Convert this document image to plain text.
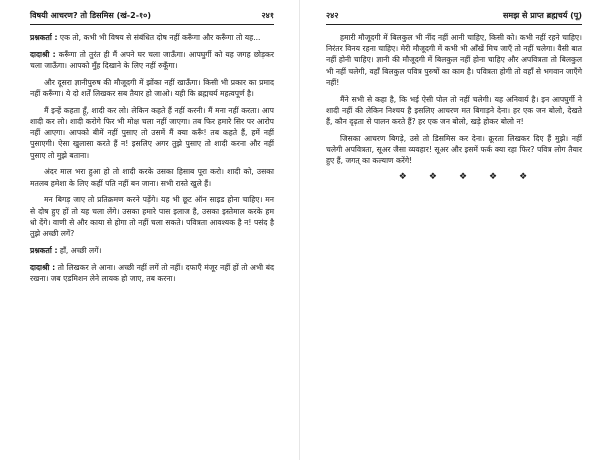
विषयी आचरण? तो डिसमिस (खं-2-१०)	२४१

प्रश्नकर्ता : एक तो, कभी भी विषय से संबंधित दोष नहीं करूँगा और करूँगा तो यह...

दादाश्री : करूँगा तो तुरंत ही मैं अपने घर चला जाऊँगा। आपघुर्गी को यह जगह छोड़कर चला जाऊँगा। आपको मुँह दिखाने के लिए नहीं रुकूँगा।

और दूसरा ज्ञानीपुरुष की मौजूदगी में झोंका नहीं खाऊँगा। किसी भी प्रकार का प्रमाद नहीं करूँगा। ये दो शर्तें लिखकर सब तैयार हो जाओ। यही कि ब्रह्मचर्य महत्वपूर्ण है।

मैं इन्हें कहता हूँ, शादी कर लो। लेकिन कहते हैं नहीं करनी। मैं मना नहीं करता। आप शादी कर लो। शादी करोगे फिर भी मोक्ष चला नहीं जाएगा। तब फिर हमारे सिर पर आरोप नहीं आएगा। आपको बीमें नहीं पुसाए तो उसमें मैं क्या करूँ! तब कहते हैं, हमें नहीं पुसाएगी। ऐसा खुलासा करते हैं न! इसलिए अगर तुझे पुसाए तो शादी करना और नहीं पुसाए तो मुझे बताना।

अंदर माल भरा हुआ हो तो शादी करके उसका हिसाब पूरा करो। शादी को, उसका मतलब हमेशा के लिए कहीं पति नहीं बन जाना। सभी रास्ते खुले हैं।

मन बिगड़ जाए तो प्रतिक्रमण करने पड़ेंगे। यह भी छूट ऑन साइड होना चाहिए। मन से दोष हुए हों तो यह चला लेंगे। उसका हमारे पास इलाज है, उसका इस्तेमाल करके हम धो देंगे। वाणी से और काया से होगा तो नहीं चला सकते। पवित्रता आवश्यक है न! पसंद है तुझे अच्छी लगें?

प्रश्नकर्ता : हाँ, अच्छी लगें।

दादाश्री : तो लिखकर ले आना। अच्छी नहीं लगें तो नहीं। दफाएँ मंजूर नहीं हों तो अभी बंद रखना। जब एडमिशन लेने लायक हो जाए, तब करना।

२४२	समझ से प्राप्त ब्रह्मचर्य (पू)

हमारी मौजूदगी में बिलकुल भी नींद नहीं आनी चाहिए, किसी को। कभी नहीं रहने चाहिए। निरंतर विनय रहना चाहिए। मेरी मौजूदगी में कभी भी आँखें मिच जाएँ तो नहीं चलेगा। वैसी बात नहीं होनी चाहिए। ज्ञानी की मौजूदगी में बिलकुल नहीं होना चाहिए और अपवित्रता तो बिलकुल भी नहीं चलेगी, वहाँ बिलकुल पवित्र पुरुषों का काम है। पवित्रता होगी तो वहाँ से भगवान जाएँगे नहीं!

मैंने सभी से कहा है, कि भई ऐसी पोल तो नहीं चलेगी। यह अनिवार्य है। इन आपघुर्गी ने शादी नहीं की लेकिन निश्चय है इसलिए आचरण मत बिगाड़ने देना। हर एक जन बोलो, देखते हैं, कौन दृढ़ता से पालन करते हैं? हर एक जन बोलो, खड़े होकर बोलो न!

जिसका आचरण बिगड़े, उसे तो डिसमिस कर देना। क्रूरता लिखकर दिए हैं मुझे। नहीं चलेगी अपवित्रता, सूअर जैसा व्यवहार! सूअर और इसमें फर्क क्या रहा फिर? पवित्र लोग तैयार हुए हैं, जगत् का कल्याण करेंगे!

❖ ❖ ❖ ❖ ❖
